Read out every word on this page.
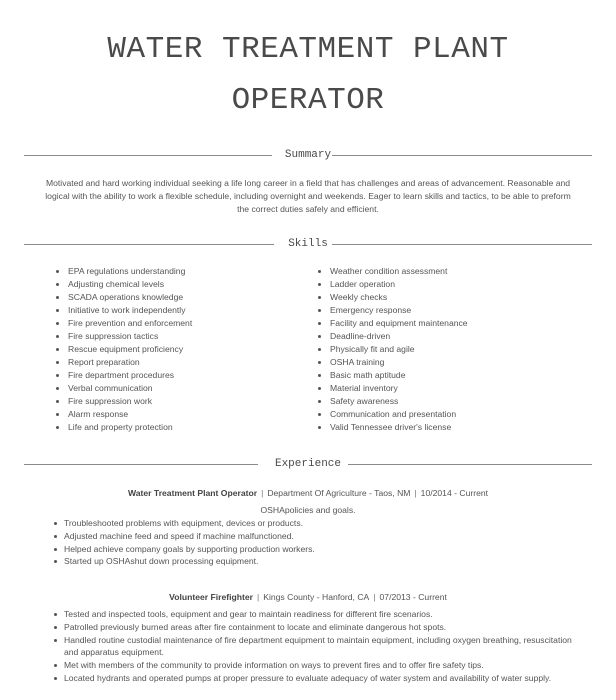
WATER TREATMENT PLANT
OPERATOR
Summary
Motivated and hard working individual seeking a life long career in a field that has challenges and areas of advancement. Reasonable and logical with the ability to work a flexible schedule, including overnight and weekends. Eager to learn skills and tactics, to be able to preform the correct duties safely and efficient.
Skills
EPA regulations understanding
Adjusting chemical levels
SCADA operations knowledge
Initiative to work independently
Fire prevention and enforcement
Fire suppression tactics
Rescue equipment proficiency
Report preparation
Fire department procedures
Verbal communication
Fire suppression work
Alarm response
Life and property protection
Weather condition assessment
Ladder operation
Weekly checks
Emergency response
Facility and equipment maintenance
Deadline-driven
Physically fit and agile
OSHA training
Basic math aptitude
Material inventory
Safety awareness
Communication and presentation
Valid Tennessee driver's license
Experience
Water Treatment Plant Operator | Department Of Agriculture - Taos, NM | 10/2014 - Current
OSHApolicies and goals.
Troubleshooted problems with equipment, devices or products.
Adjusted machine feed and speed if machine malfunctioned.
Helped achieve company goals by supporting production workers.
Started up OSHAshut down processing equipment.
Volunteer Firefighter | Kings County - Hanford, CA | 07/2013 - Current
Tested and inspected tools, equipment and gear to maintain readiness for different fire scenarios.
Patrolled previously burned areas after fire containment to locate and eliminate dangerous hot spots.
Handled routine custodial maintenance of fire department equipment to maintain equipment, including oxygen breathing, resuscitation and apparatus equipment.
Met with members of the community to provide information on ways to prevent fires and to offer fire safety tips.
Located hydrants and operated pumps at proper pressure to evaluate adequacy of water system and availability of water supply.
